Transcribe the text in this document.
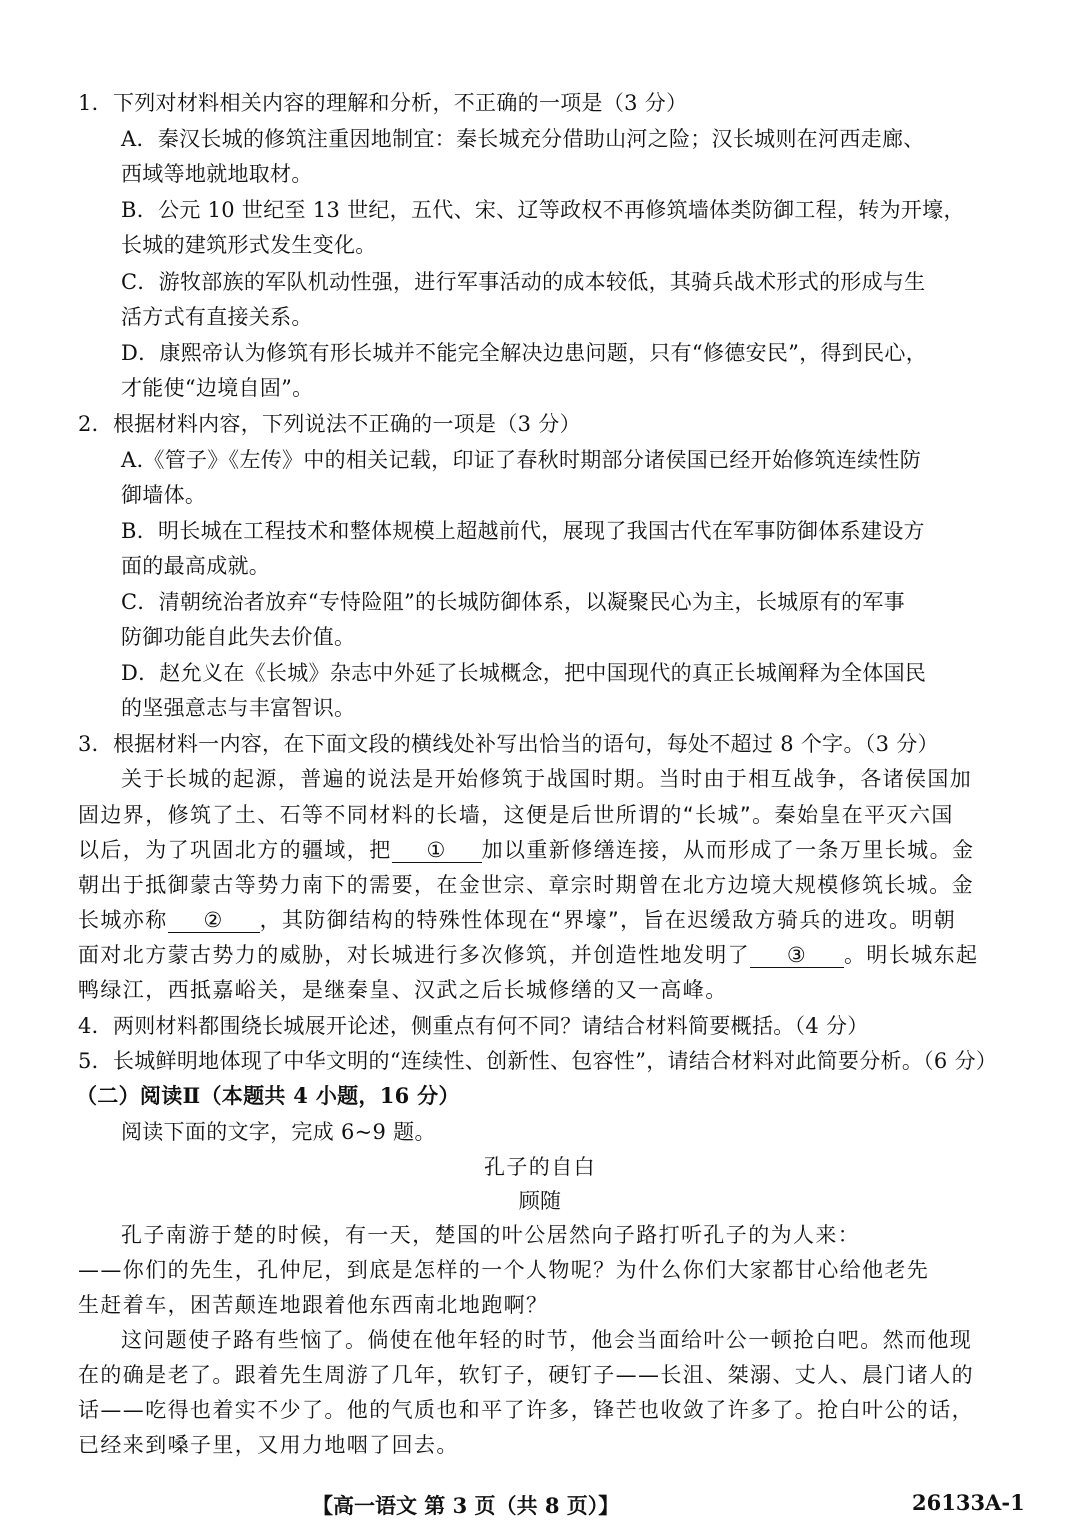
1．下列对材料相关内容的理解和分析，不正确的一项是（3 分）
A．秦汉长城的修筑注重因地制宜：秦长城充分借助山河之险；汉长城则在河西走廊、
西域等地就地取材。
B．公元 10 世纪至 13 世纪，五代、宋、辽等政权不再修筑墙体类防御工程，转为开壕，
长城的建筑形式发生变化。
C．游牧部族的军队机动性强，进行军事活动的成本较低，其骑兵战术形式的形成与生
活方式有直接关系。
D．康熙帝认为修筑有形长城并不能完全解决边患问题，只有“修德安民”，得到民心，
才能使“边境自固”。
2．根据材料内容，下列说法不正确的一项是（3 分）
A.《管子》《左传》中的相关记载，印证了春秋时期部分诸侯国已经开始修筑连续性防
御墙体。
B．明长城在工程技术和整体规模上超越前代，展现了我国古代在军事防御体系建设方
面的最高成就。
C．清朝统治者放弃“专恃险阻”的长城防御体系，以凝聚民心为主，长城原有的军事
防御功能自此失去价值。
D．赵允义在《长城》杂志中外延了长城概念，把中国现代的真正长城阐释为全体国民
的坚强意志与丰富智识。
3．根据材料一内容，在下面文段的横线处补写出恰当的语句，每处不超过 8 个字。（3 分）
关于长城的起源，普遍的说法是开始修筑于战国时期。当时由于相互战争，各诸侯国加
固边界，修筑了土、石等不同材料的长墙，这便是后世所谓的“长城”。秦始皇在平灭六国
以后，为了巩固北方的疆域，把 ① 加以重新修缮连接，从而形成了一条万里长城。金
朝出于抵御蒙古等势力南下的需要，在金世宗、章宗时期曾在北方边境大规模修筑长城。金
长城亦称 ② ，其防御结构的特殊性体现在“界壕”，旨在迟缓敌方骑兵的进攻。明朝
面对北方蒙古势力的威胁，对长城进行多次修筑，并创造性地发明了 ③ 。明长城东起
鸭绿江，西抵嘉峪关，是继秦皇、汉武之后长城修缮的又一高峰。
4．两则材料都围绕长城展开论述，侧重点有何不同？请结合材料简要概括。（4 分）
5．长城鲜明地体现了中华文明的“连续性、创新性、包容性”，请结合材料对此简要分析。（6 分）
（二）阅读Ⅱ（本题共 4 小题，16 分）
阅读下面的文字，完成 6~9 题。
孔子的自白
顾随
孔子南游于楚的时候，有一天，楚国的叶公居然向子路打听孔子的为人来：
——你们的先生，孔仲尼，到底是怎样的一个人物呢？为什么你们大家都甘心给他老先
生赶着车，困苦颠连地跟着他东西南北地跑啊？
这问题使子路有些恼了。倘使在他年轻的时节，他会当面给叶公一顿抢白吧。然而他现
在的确是老了。跟着先生周游了几年，软钉子，硬钉子——长沮、桀溺、丈人、晨门诸人的
话——吃得也着实不少了。他的气质也和平了许多，锋芒也收敛了许多了。抢白叶公的话，
已经来到嗓子里，又用力地咽了回去。
【高一语文 第 3 页（共 8 页）】	26133A-1
